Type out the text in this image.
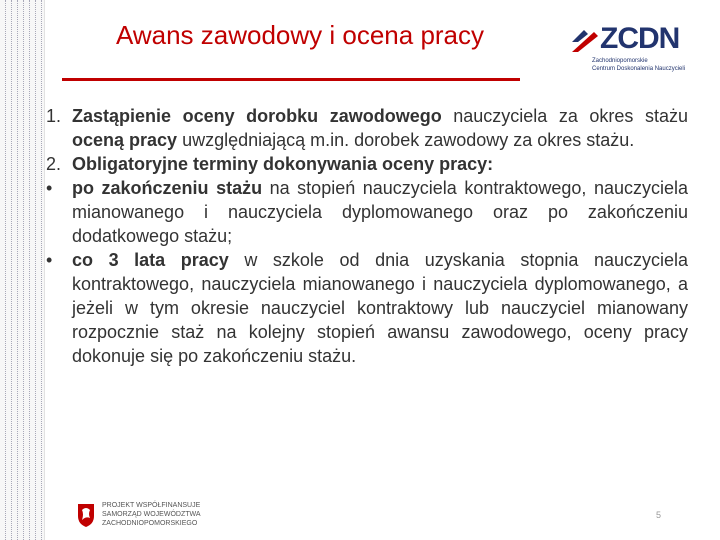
Awans zawodowy i ocena pracy	ZCDN
Zachodniopomorskie
Centrum Doskonalenia Nauczycieli
1. Zastąpienie oceny dorobku zawodowego nauczyciela za okres stażu oceną pracy uwzględniającą m.in. dorobek zawodowy za okres stażu.
2. Obligatoryjne terminy dokonywania oceny pracy:
•	po zakończeniu stażu na stopień nauczyciela kontraktowego, nauczyciela mianowanego i nauczyciela dyplomowanego oraz po zakończeniu dodatkowego stażu;
•	co 3 lata pracy w szkole od dnia uzyskania stopnia nauczyciela kontraktowego, nauczyciela mianowanego i nauczyciela dyplomowanego, a jeżeli w tym okresie nauczyciel kontraktowy lub nauczyciel mianowany rozpocznie staż na kolejny stopień awansu zawodowego, oceny pracy dokonuje się po zakończeniu stażu.
PROJEKT WSPÓŁFINANSUJE
SAMORZĄD WOJEWÓDZTWA
ZACHODNIOPOMORSKIEGO
5
